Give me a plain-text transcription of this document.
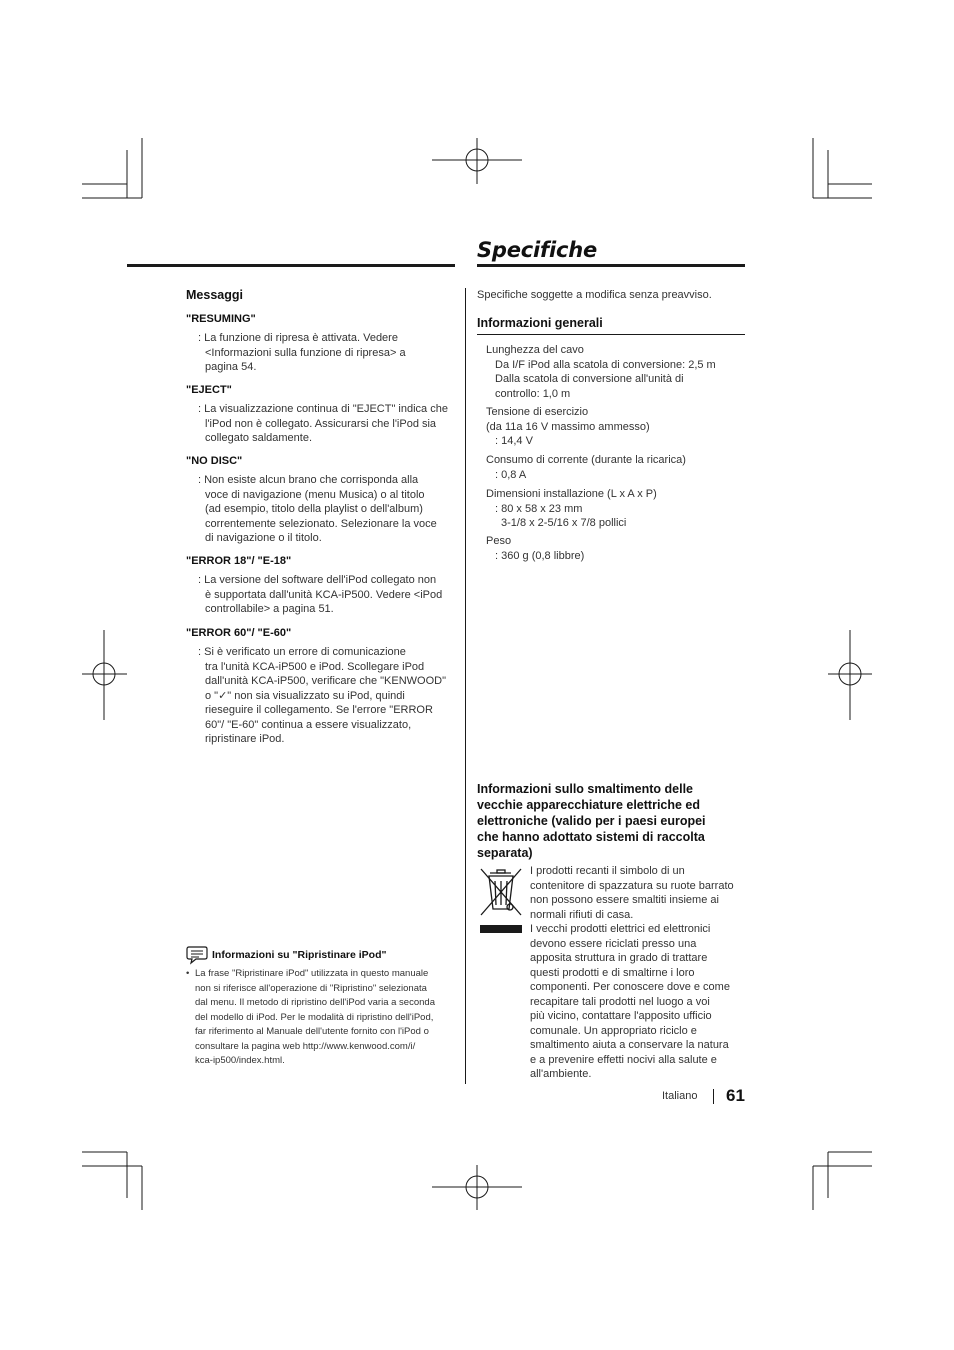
Specifiche
Messaggi
"RESUMING"
: La funzione di ripresa è attivata. Vedere
<Informazioni sulla funzione di ripresa> a
pagina 54.
"EJECT"
: La visualizzazione continua di "EJECT" indica che
l'iPod non è collegato. Assicurarsi che l'iPod sia
collegato saldamente.
"NO DISC"
: Non esiste alcun brano che corrisponda alla
voce di navigazione (menu Musica) o al titolo
(ad esempio, titolo della playlist o dell'album)
correntemente selezionato. Selezionare la voce
di navigazione o il titolo.
"ERROR 18"/ "E-18"
: La versione del software dell'iPod collegato non
è supportata dall'unità KCA-iP500. Vedere <iPod
controllabile> a pagina 51.
"ERROR 60"/ "E-60"
: Si è verificato un errore di comunicazione
tra l'unità KCA-iP500 e iPod. Scollegare iPod
dall'unità KCA-iP500, verificare che "KENWOOD"
o "✓" non sia visualizzato su iPod, quindi
rieseguire il collegamento. Se l'errore "ERROR
60"/ "E-60" continua a essere visualizzato,
ripristinare iPod.
Informazioni su "Ripristinare iPod"
• La frase "Ripristinare iPod" utilizzata in questo manuale
non si riferisce all'operazione di "Ripristino" selezionata
dal menu. Il metodo di ripristino dell'iPod varia a seconda
del modello di iPod. Per le modalità di ripristino dell'iPod,
far riferimento al Manuale dell'utente fornito con l'iPod o
consultare la pagina web http://www.kenwood.com/i/
kca-ip500/index.html.
Specifiche soggette a modifica senza preavviso.
Informazioni generali
Lunghezza del cavo
Da I/F iPod alla scatola di conversione: 2,5 m
Dalla scatola di conversione all'unità di
controllo: 1,0 m
Tensione di esercizio
(da 11a 16 V massimo ammesso)
: 14,4 V
Consumo di corrente (durante la ricarica)
: 0,8 A
Dimensioni installazione (L x A x P)
: 80 x 58 x 23 mm
3-1/8 x 2-5/16 x 7/8 pollici
Peso
: 360 g (0,8 libbre)
Informazioni sullo smaltimento delle
vecchie apparecchiature elettriche ed
elettroniche (valido per i paesi europei
che hanno adottato sistemi di raccolta
separata)
I prodotti recanti il simbolo di un
contenitore di spazzatura su ruote barrato
non possono essere smaltiti insieme ai
normali rifiuti di casa.
I vecchi prodotti elettrici ed elettronici
devono essere riciclati presso una
apposita struttura in grado di trattare
questi prodotti e di smaltirne i loro
componenti. Per conoscere dove e come
recapitare tali prodotti nel luogo a voi
più vicino, contattare l'apposito ufficio
comunale. Un appropriato riciclo e
smaltimento aiuta a conservare la natura
e a prevenire effetti nocivi alla salute e
all'ambiente.
Italiano 61
